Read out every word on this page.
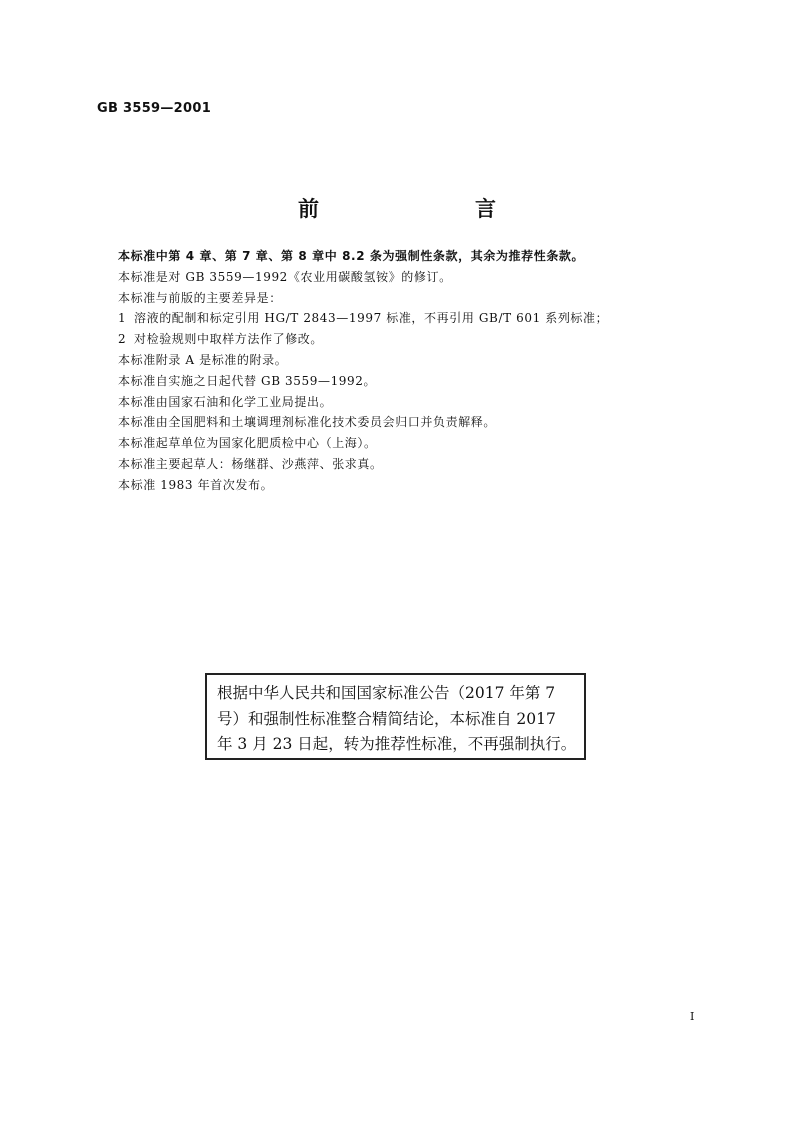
GB 3559—2001
前　　言
本标准中第 4 章、第 7 章、第 8 章中 8.2 条为强制性条款，其余为推荐性条款。
本标准是对 GB 3559—1992《农业用碳酸氢铵》的修订。
本标准与前版的主要差异是：
1 溶液的配制和标定引用 HG/T 2843—1997 标准，不再引用 GB/T 601 系列标准；
2 对检验规则中取样方法作了修改。
本标准附录 A 是标准的附录。
本标准自实施之日起代替 GB 3559—1992。
本标准由国家石油和化学工业局提出。
本标准由全国肥料和土壤调理剂标准化技术委员会归口并负责解释。
本标准起草单位为国家化肥质检中心（上海）。
本标准主要起草人：杨继群、沙燕萍、张求真。
本标准 1983 年首次发布。
根据中华人民共和国国家标准公告（2017 年第 7
号）和强制性标准整合精简结论，本标准自 2017
年 3 月 23 日起，转为推荐性标准，不再强制执行。
I
